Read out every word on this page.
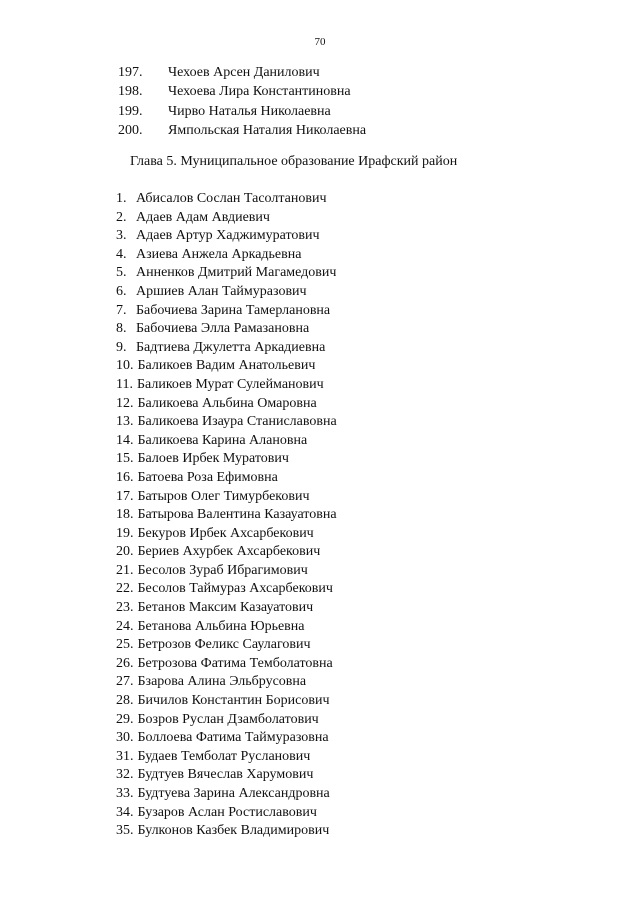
70
197. Чехоев Арсен Данилович
198. Чехоева Лира Константиновна
199. Чирво Наталья Николаевна
200. Ямпольская Наталия Николаевна
Глава 5. Муниципальное образование Ирафский район
1. Абисалов Сослан Тасолтанович
2. Адаев Адам Авдиевич
3. Адаев Артур Хаджимуратович
4. Азиева Анжела Аркадьевна
5. Анненков Дмитрий Магамедович
6. Аршиев Алан Таймуразович
7. Бабочиева Зарина Тамерлановна
8. Бабочиева Элла Рамазановна
9. Бадтиева Джулетта Аркадиевна
10. Баликоев Вадим Анатольевич
11. Баликоев Мурат Сулейманович
12. Баликоева Альбина Омаровна
13. Баликоева Изаура Станиславовна
14. Баликоева Карина Алановна
15. Балоев Ирбек Муратович
16. Батоева Роза Ефимовна
17. Батыров Олег Тимурбекович
18. Батырова Валентина Казауатовна
19. Бекуров Ирбек Ахсарбекович
20. Бериев Ахурбек Ахсарбекович
21. Бесолов Зураб Ибрагимович
22. Бесолов Таймураз Ахсарбекович
23. Бетанов Максим Казауатович
24. Бетанова Альбина Юрьевна
25. Бетрозов Феликс Саулагович
26. Бетрозова Фатима Темболатовна
27. Бзарова Алина Эльбрусовна
28. Бичилов Константин Борисович
29. Бозров Руслан Дзамболатович
30. Боллоева Фатима Таймуразовна
31. Будаев Темболат Русланович
32. Будтуев Вячеслав Харумович
33. Будтуева Зарина Александровна
34. Бузаров Аслан Ростиславович
35. Булконов Казбек Владимирович
